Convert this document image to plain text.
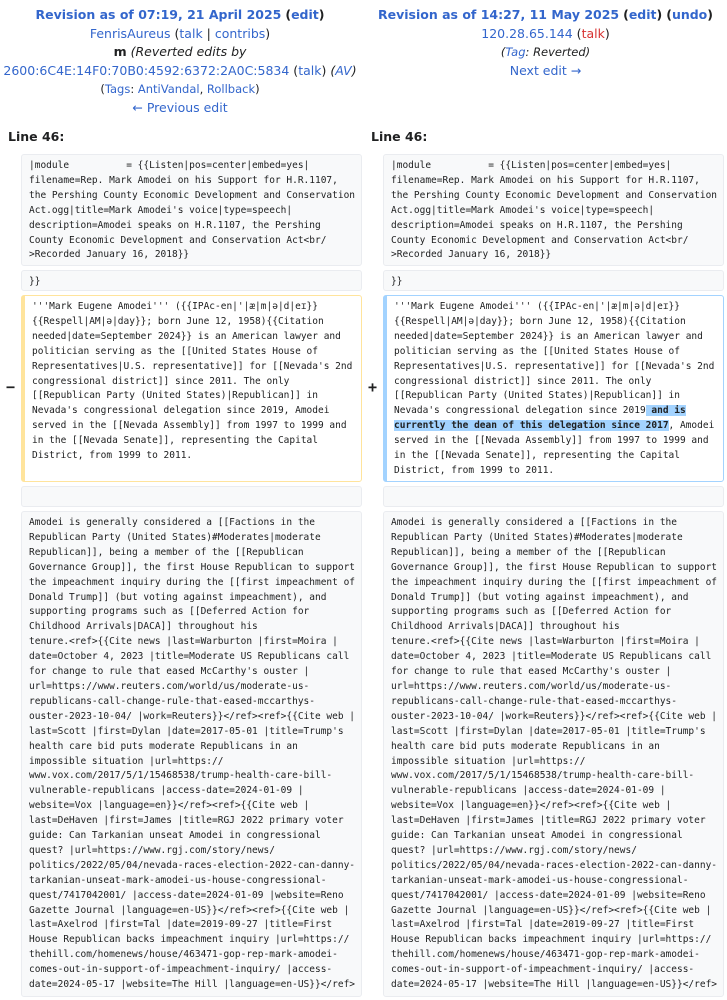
Revision as of 07:19, 21 April 2025 (edit)
FenrisAureus (talk | contribs)
m (Reverted edits by
2600:6C4E:14F0:70B0:4592:6372:2A0C:5834 (talk) (AV)
(Tags: AntiVandal, Rollback)
← Previous edit
Revision as of 14:27, 11 May 2025 (edit) (undo)
120.28.65.144 (talk)
(Tag: Reverted)
Next edit →
Line 46:	Line 46:
|module          = {{Listen|pos=center|embed=yes|
filename=Rep. Mark Amodei on his Support for H.R.1107,
the Pershing County Economic Development and Conservation
Act.ogg|title=Mark Amodei's voice|type=speech|
description=Amodei speaks on H.R.1107, the Pershing
County Economic Development and Conservation Act<br/
>Recorded January 16, 2018}}
|module          = {{Listen|pos=center|embed=yes|
filename=Rep. Mark Amodei on his Support for H.R.1107,
the Pershing County Economic Development and Conservation
Act.ogg|title=Mark Amodei's voice|type=speech|
description=Amodei speaks on H.R.1107, the Pershing
County Economic Development and Conservation Act<br/
>Recorded January 16, 2018}}
}}	}}
−
'''Mark Eugene Amodei''' ({{IPAc-en|'|æ|m|ə|d|eɪ}}
{{Respell|AM|ə|day}}; born June 12, 1958){{Citation
needed|date=September 2024}} is an American lawyer and
politician serving as the [[United States House of
Representatives|U.S. representative]] for [[Nevada's 2nd
congressional district]] since 2011. The only
[[Republican Party (United States)|Republican]] in
Nevada's congressional delegation since 2019, Amodei
served in the [[Nevada Assembly]] from 1997 to 1999 and
in the [[Nevada Senate]], representing the Capital
District, from 1999 to 2011.
+
'''Mark Eugene Amodei''' ({{IPAc-en|'|æ|m|ə|d|eɪ}}
{{Respell|AM|ə|day}}; born June 12, 1958){{Citation
needed|date=September 2024}} is an American lawyer and
politician serving as the [[United States House of
Representatives|U.S. representative]] for [[Nevada's 2nd
congressional district]] since 2011. The only
[[Republican Party (United States)|Republican]] in
Nevada's congressional delegation since 2019 and is
currently the dean of this delegation since 2017, Amodei
served in the [[Nevada Assembly]] from 1997 to 1999 and
in the [[Nevada Senate]], representing the Capital
District, from 1999 to 2011.
Amodei is generally considered a [[Factions in the
Republican Party (United States)#Moderates|moderate
Republican]], being a member of the [[Republican
Governance Group]], the first House Republican to support
the impeachment inquiry during the [[first impeachment of
Donald Trump]] (but voting against impeachment), and
supporting programs such as [[Deferred Action for
Childhood Arrivals|DACA]] throughout his
tenure.<ref>{{Cite news |last=Warburton |first=Moira |
date=October 4, 2023 |title=Moderate US Republicans call
for change to rule that eased McCarthy's ouster |
url=https://www.reuters.com/world/us/moderate-us-
republicans-call-change-rule-that-eased-mccarthys-
ouster-2023-10-04/ |work=Reuters}}</ref><ref>{{Cite web |
last=Scott |first=Dylan |date=2017-05-01 |title=Trump's
health care bid puts moderate Republicans in an
impossible situation |url=https://
www.vox.com/2017/5/1/15468538/trump-health-care-bill-
vulnerable-republicans |access-date=2024-01-09 |
website=Vox |language=en}}</ref><ref>{{Cite web |
last=DeHaven |first=James |title=RGJ 2022 primary voter
guide: Can Tarkanian unseat Amodei in congressional
quest? |url=https://www.rgj.com/story/news/
politics/2022/05/04/nevada-races-election-2022-can-danny-
tarkanian-unseat-mark-amodei-us-house-congressional-
quest/7417042001/ |access-date=2024-01-09 |website=Reno
Gazette Journal |language=en-US}}</ref><ref>{{Cite web |
last=Axelrod |first=Tal |date=2019-09-27 |title=First
House Republican backs impeachment inquiry |url=https://
thehill.com/homenews/house/463471-gop-rep-mark-amodei-
comes-out-in-support-of-impeachment-inquiry/ |access-
date=2024-05-17 |website=The Hill |language=en-US}}</ref>
Amodei is generally considered a [[Factions in the
Republican Party (United States)#Moderates|moderate
Republican]], being a member of the [[Republican
Governance Group]], the first House Republican to support
the impeachment inquiry during the [[first impeachment of
Donald Trump]] (but voting against impeachment), and
supporting programs such as [[Deferred Action for
Childhood Arrivals|DACA]] throughout his
tenure.<ref>{{Cite news |last=Warburton |first=Moira |
date=October 4, 2023 |title=Moderate US Republicans call
for change to rule that eased McCarthy's ouster |
url=https://www.reuters.com/world/us/moderate-us-
republicans-call-change-rule-that-eased-mccarthys-
ouster-2023-10-04/ |work=Reuters}}</ref><ref>{{Cite web |
last=Scott |first=Dylan |date=2017-05-01 |title=Trump's
health care bid puts moderate Republicans in an
impossible situation |url=https://
www.vox.com/2017/5/1/15468538/trump-health-care-bill-
vulnerable-republicans |access-date=2024-01-09 |
website=Vox |language=en}}</ref><ref>{{Cite web |
last=DeHaven |first=James |title=RGJ 2022 primary voter
guide: Can Tarkanian unseat Amodei in congressional
quest? |url=https://www.rgj.com/story/news/
politics/2022/05/04/nevada-races-election-2022-can-danny-
tarkanian-unseat-mark-amodei-us-house-congressional-
quest/7417042001/ |access-date=2024-01-09 |website=Reno
Gazette Journal |language=en-US}}</ref><ref>{{Cite web |
last=Axelrod |first=Tal |date=2019-09-27 |title=First
House Republican backs impeachment inquiry |url=https://
thehill.com/homenews/house/463471-gop-rep-mark-amodei-
comes-out-in-support-of-impeachment-inquiry/ |access-
date=2024-05-17 |website=The Hill |language=en-US}}</ref>
